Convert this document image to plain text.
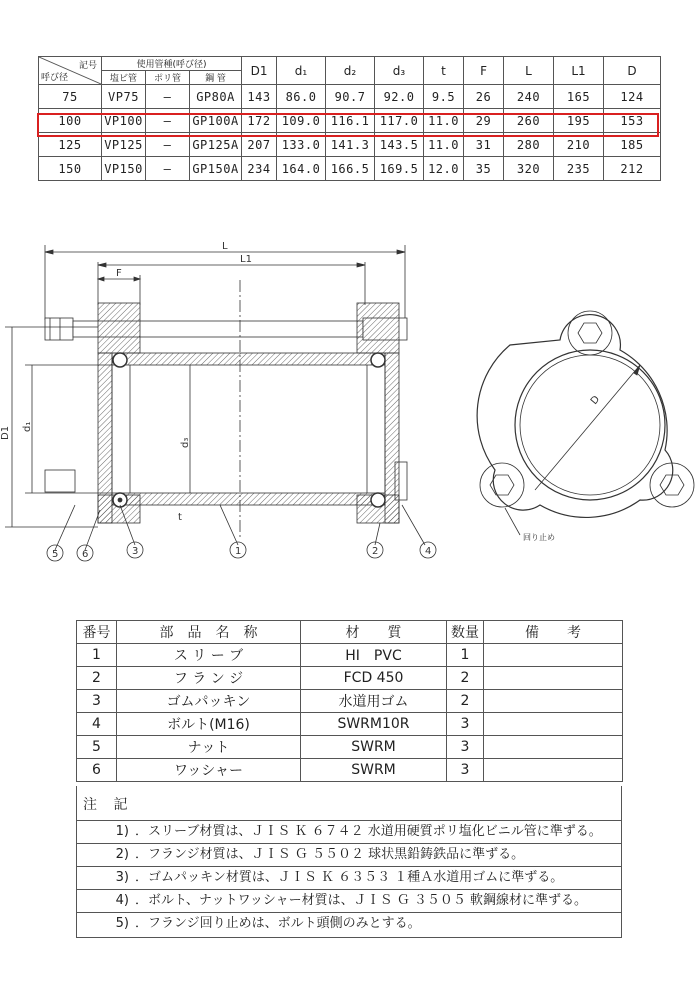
記号
呼び径	使用管種(呼び径)			D1	d₁	d₂	d₃	t	F	L	L1	D
	塩ビ管	ポリ管	鋼 管									
75	VP75	–	GP80A	143	86.0	90.7	92.0	9.5	26	240	165	124
100	VP100	–	GP100A	172	109.0	116.1	117.0	11.0	29	260	195	153
125	VP125	–	GP125A	207	133.0	141.3	143.5	11.0	31	280	210	185
150	VP150	–	GP150A	234	164.0	166.5	169.5	12.0	35	320	235	212
L
L1
F
D1 d₁
d₃
t
D
回り止め
5 6	3	1	2	4
番号	部　品　名　称	材　　質	数量	備　　考
1	ス リ ー ブ	HI　PVC	1	
2	フ ラ ン ジ	FCD 450	2	
3	ゴムパッキン	水道用ゴム	2	
4	ボルト(M16)	SWRM10R	3	
5	ナット	SWRM	3	
6	ワッシャー	SWRM	3	
注 記
1) ．スリーブ材質は、ＪＩＳ Ｋ ６７４２ 水道用硬質ポリ塩化ビニル管に準ずる。
2) ．フランジ材質は、ＪＩＳ Ｇ ５５０２ 球状黒鉛鋳鉄品に準ずる。
3) ．ゴムパッキン材質は、ＪＩＳ Ｋ ６３５３ １種Ａ水道用ゴムに準ずる。
4) ．ボルト、ナットワッシャー材質は、ＪＩＳ Ｇ ３５０５ 軟鋼線材に準ずる。
5) ．フランジ回り止めは、ボルト頭側のみとする。
